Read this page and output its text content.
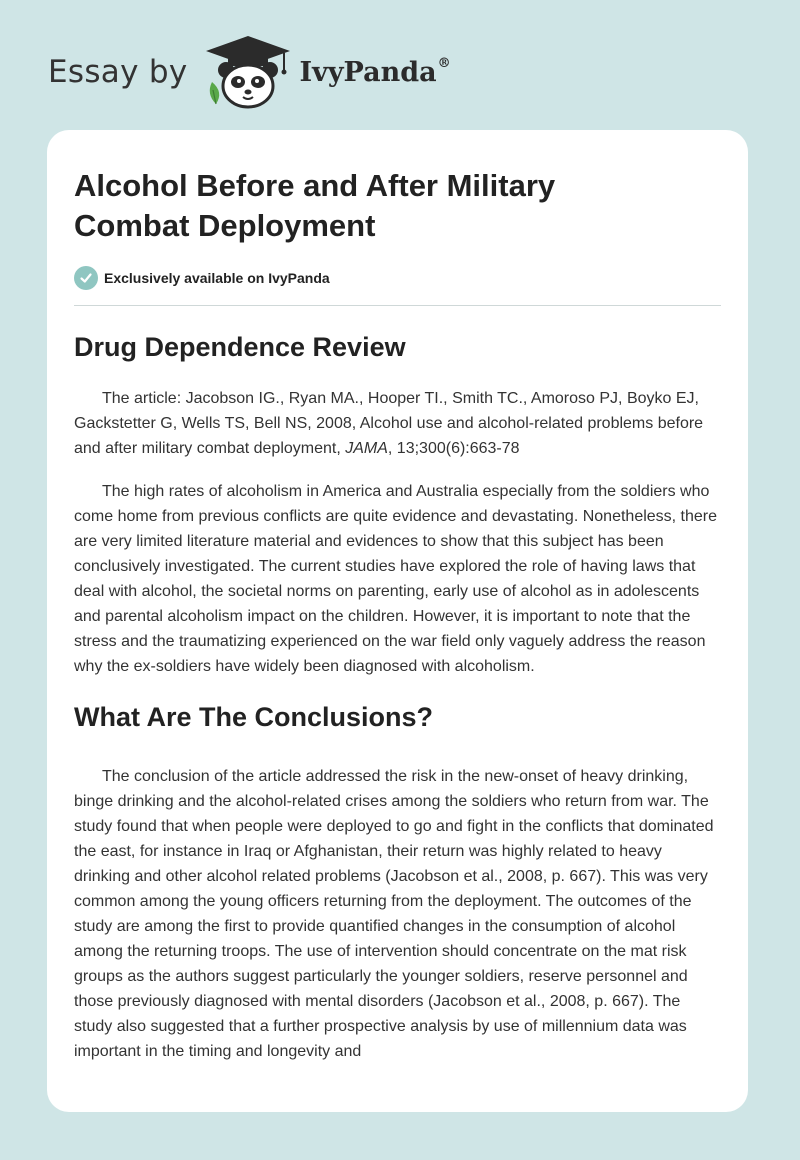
Essay by	IvyPanda®
Alcohol Before and After Military Combat Deployment
Exclusively available on IvyPanda
Drug Dependence Review

The article: Jacobson IG., Ryan MA., Hooper TI., Smith TC., Amoroso PJ, Boyko EJ, Gackstetter G, Wells TS, Bell NS, 2008, Alcohol use and alcohol-related problems before and after military combat deployment, JAMA, 13;300(6):663-78

The high rates of alcoholism in America and Australia especially from the soldiers who come home from previous conflicts are quite evidence and devastating. Nonetheless, there are very limited literature material and evidences to show that this subject has been conclusively investigated. The current studies have explored the role of having laws that deal with alcohol, the societal norms on parenting, early use of alcohol as in adolescents and parental alcoholism impact on the children. However, it is important to note that the stress and the traumatizing experienced on the war field only vaguely address the reason why the ex-soldiers have widely been diagnosed with alcoholism.

What Are The Conclusions?

The conclusion of the article addressed the risk in the new-onset of heavy drinking, binge drinking and the alcohol-related crises among the soldiers who return from war. The study found that when people were deployed to go and fight in the conflicts that dominated the east, for instance in Iraq or Afghanistan, their return was highly related to heavy drinking and other alcohol related problems (Jacobson et al., 2008, p. 667). This was very common among the young officers returning from the deployment. The outcomes of the study are among the first to provide quantified changes in the consumption of alcohol among the returning troops. The use of intervention should concentrate on the mat risk groups as the authors suggest particularly the younger soldiers, reserve personnel and those previously diagnosed with mental disorders (Jacobson et al., 2008, p. 667). The study also suggested that a further prospective analysis by use of millennium data was important in the timing and longevity and
